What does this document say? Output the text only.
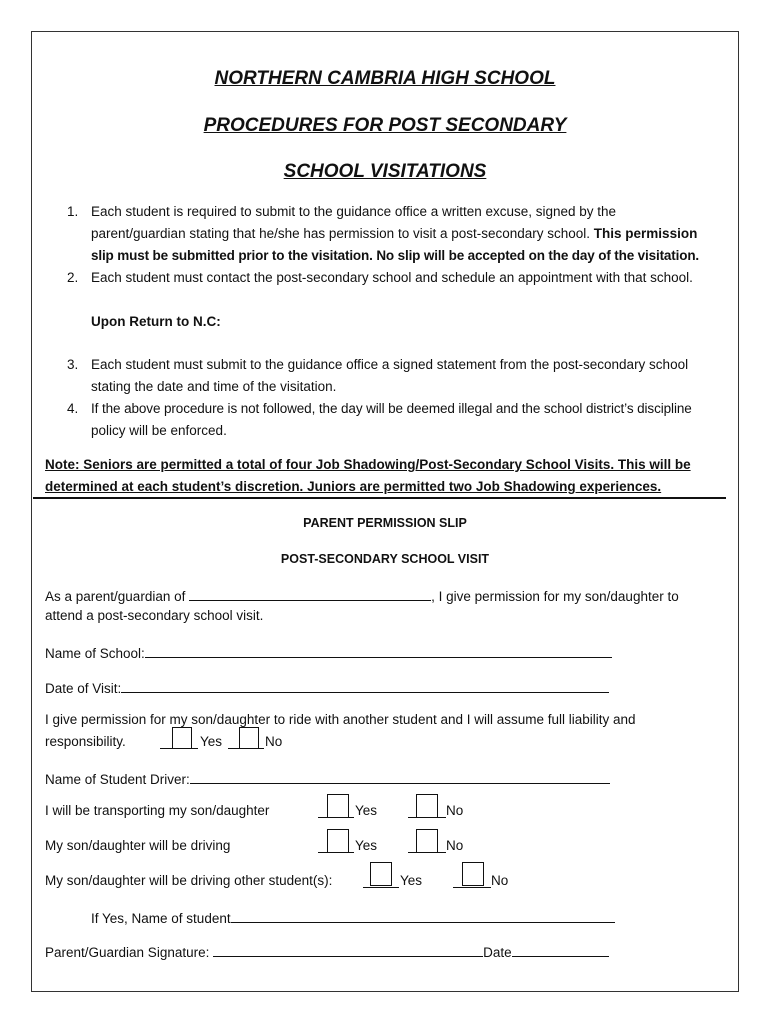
NORTHERN CAMBRIA HIGH SCHOOL
PROCEDURES FOR POST SECONDARY
SCHOOL VISITATIONS
1. Each student is required to submit to the guidance office a written excuse, signed by the
parent/guardian stating that he/she has permission to visit a post-secondary school. This permission
slip must be submitted prior to the visitation. No slip will be accepted on the day of the visitation.
2. Each student must contact the post-secondary school and schedule an appointment with that school.
Upon Return to N.C:
3. Each student must submit to the guidance office a signed statement from the post-secondary school
stating the date and time of the visitation.
4. If the above procedure is not followed, the day will be deemed illegal and the school district’s discipline
policy will be enforced.
Note: Seniors are permitted a total of four Job Shadowing/Post-Secondary School Visits. This will be
determined at each student’s discretion. Juniors are permitted two Job Shadowing experiences.
PARENT PERMISSION SLIP
POST-SECONDARY SCHOOL VISIT
As a parent/guardian of	, I give permission for my son/daughter to
attend a post-secondary school visit.
Name of School:
Date of Visit:
I give permission for my son/daughter to ride with another student and I will assume full liability and
responsibility.	Yes	No
Name of Student Driver:
I will be transporting my son/daughter	Yes	No
My son/daughter will be driving	Yes	No
My son/daughter will be driving other student(s):	Yes	No
If Yes, Name of student
Parent/Guardian Signature:	Date
